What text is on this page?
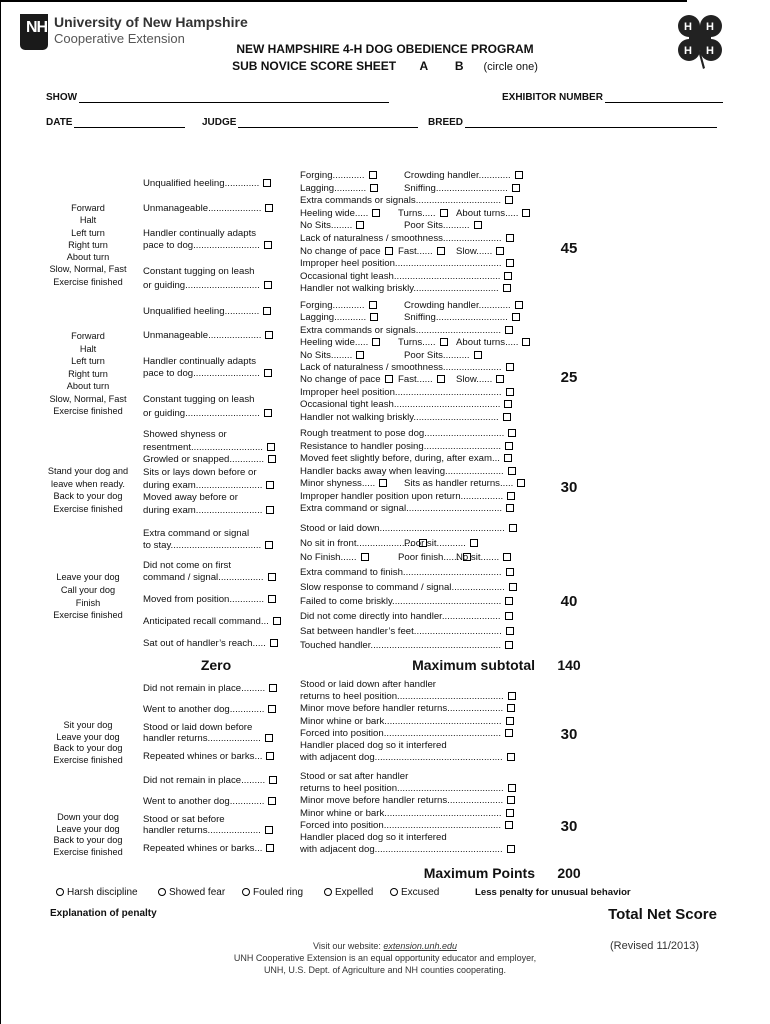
NH University of New Hampshire
Cooperative Extension
NEW HAMPSHIRE 4-H DOG OBEDIENCE PROGRAM
SUB NOVICE SCORE SHEET A B (circle one)
H H
H H
SHOW	EXHIBITOR NUMBER
DATE	JUDGE	BREED
Forward
Halt
Left turn
Right turn
About turn
Slow, Normal, Fast
Exercise finished
Unqualified heeling.............
Unmanageable....................
Handler continually adapts
pace to dog.........................
Constant tugging on leash
or guiding............................
Forging............	Crowding handler............
Lagging............	Sniffing...........................
Extra commands or signals................................
Heeling wide.....	Turns.....	About turns.....
No Sits........	Poor Sits..........
Lack of naturalness / smoothness......................
No change of pace	Fast......	Slow......
Improper heel position........................................
Occasional tight leash........................................
Handler not walking briskly................................
45
Forward
Halt
Left turn
Right turn
About turn
Slow, Normal, Fast
Exercise finished
Unqualified heeling.............
Unmanageable....................
Handler continually adapts
pace to dog.........................
Constant tugging on leash
or guiding............................
Forging............	Crowding handler............
Lagging............	Sniffing...........................
Extra commands or signals................................
Heeling wide.....	Turns.....	About turns.....
No Sits........	Poor Sits..........
Lack of naturalness / smoothness......................
No change of pace	Fast......	Slow......
Improper heel position........................................
Occasional tight leash........................................
Handler not walking briskly................................
25
Stand your dog and
leave when ready.
Back to your dog
Exercise finished
Showed shyness or
resentment...........................
Growled or snapped.............
Sits or lays down before or
during exam.........................
Moved away before or
during exam.........................
Rough treatment to pose dog..............................
Resistance to handler posing.............................
Moved feet slightly before, during, after exam...
Handler backs away when leaving......................
Minor shyness.....	Sits as handler returns.....
Improper handler position upon return................
Extra command or signal....................................
30
Leave your dog
Call your dog
Finish
Exercise finished
Extra command or signal
to stay..................................
Did not come on first
command / signal.................
Moved from position.............
Anticipated recall command...
Sat out of handler’s reach.....
Stood or laid down...............................................
No sit in front......................
Poor sit...........
No Finish......	Poor finish......
No sit.......
Extra command to finish.....................................
Slow response to command / signal....................
Failed to come briskly.........................................
Did not come directly into handler......................
Sat between handler’s feet.................................
Touched handler.................................................
40
Zero	Maximum subtotal	140
Sit your dog
Leave your dog
Back to your dog
Exercise finished
Did not remain in place.........
Went to another dog.............
Stood or laid down before
handler returns....................
Repeated whines or barks...
Stood or laid down after handler
returns to heel position........................................
Minor move before handler returns.....................
Minor whine or bark............................................
Forced into position............................................
Handler placed dog so it interfered
with adjacent dog................................................
30
Down your dog
Leave your dog
Back to your dog
Exercise finished
Did not remain in place.........
Went to another dog.............
Stood or sat before
handler returns....................
Repeated whines or barks...
Stood or sat after handler
returns to heel position........................................
Minor move before handler returns.....................
Minor whine or bark............................................
Forced into position............................................
Handler placed dog so it interfered
with adjacent dog................................................
30
Maximum Points	200
Harsh discipline	Showed fear	Fouled ring	Expelled	Excused	Less penalty for unusual behavior
Explanation of penalty	Total Net Score
Visit our website: extension.unh.edu
UNH Cooperative Extension is an equal opportunity educator and employer,
UNH, U.S. Dept. of Agriculture and NH counties cooperating.
(Revised 11/2013)
